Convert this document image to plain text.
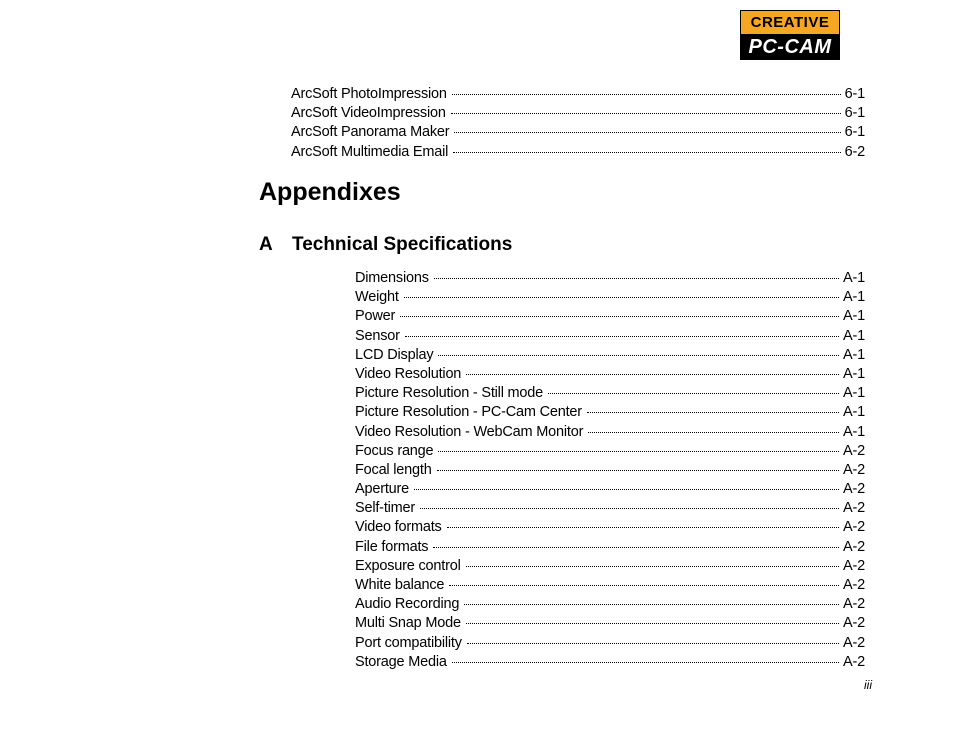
CREATIVE
PC-CAM
ArcSoft PhotoImpression	6-1
ArcSoft VideoImpression	6-1
ArcSoft Panorama Maker	6-1
ArcSoft Multimedia Email	6-2
Appendixes
A	Technical Specifications
Dimensions	A-1
Weight	A-1
Power	A-1
Sensor	A-1
LCD Display	A-1
Video Resolution	A-1
Picture Resolution - Still mode	A-1
Picture Resolution - PC-Cam Center	A-1
Video Resolution - WebCam Monitor	A-1
Focus range	A-2
Focal length	A-2
Aperture	A-2
Self-timer	A-2
Video formats	A-2
File formats	A-2
Exposure control	A-2
White balance	A-2
Audio Recording	A-2
Multi Snap Mode	A-2
Port compatibility	A-2
Storage Media	A-2
iii
